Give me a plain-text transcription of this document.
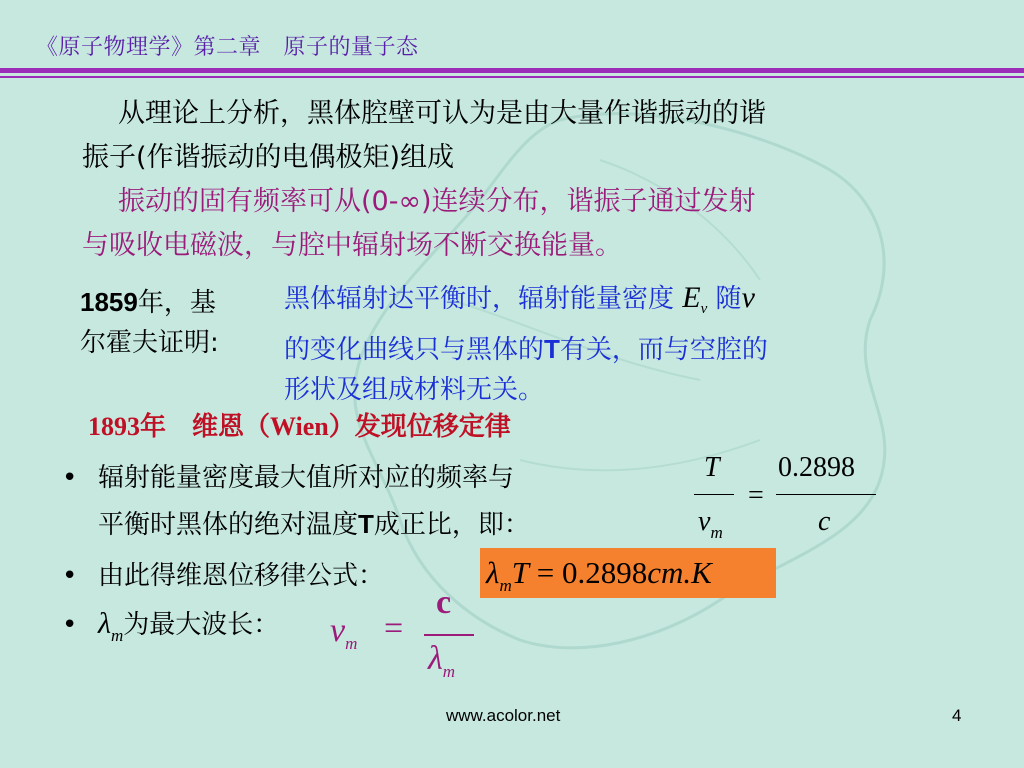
《原子物理学》第二章　原子的量子态
从理论上分析，黑体腔壁可认为是由大量作谐振动的谐
振子(作谐振动的电偶极矩)组成
振动的固有频率可从(0-∞)连续分布，谐振子通过发射
与吸收电磁波，与腔中辐射场不断交换能量。
1859年，基
尔霍夫证明:
黑体辐射达平衡时，辐射能量密度 $E_\nu$ 随ν
的变化曲线只与黑体的T有关，而与空腔的
形状及组成材料无关。
1893年　维恩（Wien）发现位移定律
• 辐射能量密度最大值所对应的频率与
平衡时黑体的绝对温度T成正比，即：
T 0.2898
=
$\nu_m$	c
• 由此得维恩位移律公式：	$\lambda_mT = 0.2898cm.K$
• $\lambda_m$为最大波长： $\nu_m$ =
c
$\lambda_m$
www.acolor.net	4
